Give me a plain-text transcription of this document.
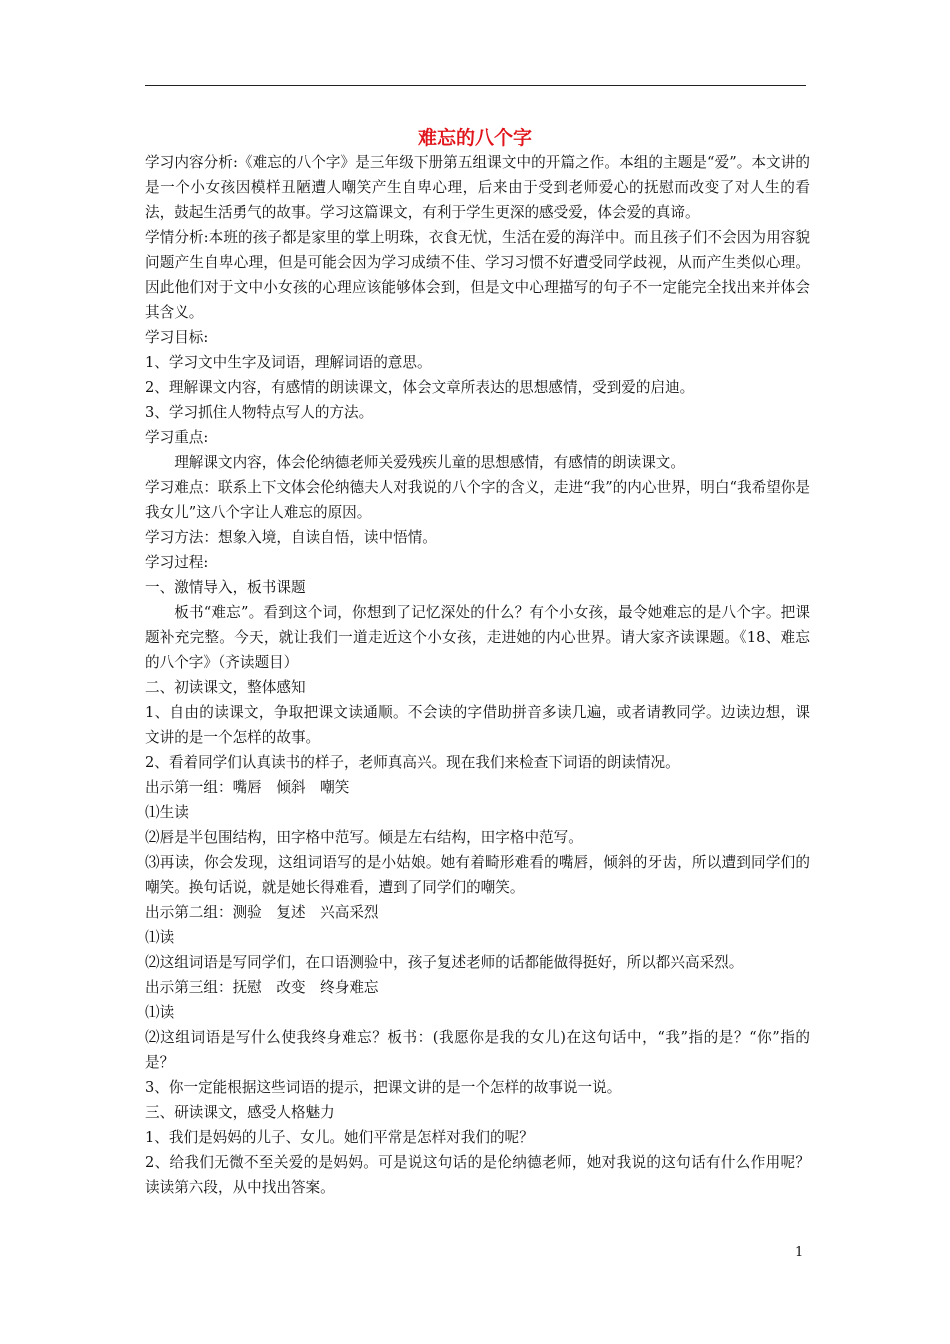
难忘的八个字

学习内容分析:《难忘的八个字》是三年级下册第五组课文中的开篇之作。本组的主题是“爱”。本文讲的是一个小女孩因模样丑陋遭人嘲笑产生自卑心理，后来由于受到老师爱心的抚慰而改变了对人生的看法，鼓起生活勇气的故事。学习这篇课文，有利于学生更深的感受爱，体会爱的真谛。

学情分析:本班的孩子都是家里的掌上明珠，衣食无忧，生活在爱的海洋中。而且孩子们不会因为用容貌问题产生自卑心理，但是可能会因为学习成绩不佳、学习习惯不好遭受同学歧视，从而产生类似心理。因此他们对于文中小女孩的心理应该能够体会到，但是文中心理描写的句子不一定能完全找出来并体会其含义。

学习目标:

1、学习文中生字及词语，理解词语的意思。

2、理解课文内容，有感情的朗读课文，体会文章所表达的思想感情，受到爱的启迪。

3、学习抓住人物特点写人的方法。

学习重点:

理解课文内容，体会伦纳德老师关爱残疾儿童的思想感情，有感情的朗读课文。

学习难点：联系上下文体会伦纳德夫人对我说的八个字的含义，走进“我”的内心世界，明白“我希望你是我女儿”这八个字让人难忘的原因。

学习方法：想象入境，自读自悟，读中悟情。

学习过程:

一、激情导入，板书课题

板书“难忘”。看到这个词，你想到了记忆深处的什么？有个小女孩，最令她难忘的是八个字。把课题补充完整。今天，就让我们一道走近这个小女孩，走进她的内心世界。请大家齐读课题。《18、难忘的八个字》（齐读题目）

二、初读课文，整体感知

1、自由的读课文，争取把课文读通顺。不会读的字借助拼音多读几遍，或者请教同学。边读边想，课文讲的是一个怎样的故事。

2、看着同学们认真读书的样子，老师真高兴。现在我们来检查下词语的朗读情况。

出示第一组：嘴唇　倾斜　嘲笑

⑴生读

⑵唇是半包围结构，田字格中范写。倾是左右结构，田字格中范写。

⑶再读，你会发现，这组词语写的是小姑娘。她有着畸形难看的嘴唇，倾斜的牙齿，所以遭到同学们的嘲笑。换句话说，就是她长得难看，遭到了同学们的嘲笑。

出示第二组：测验　复述　兴高采烈

⑴读

⑵这组词语是写同学们，在口语测验中，孩子复述老师的话都能做得挺好，所以都兴高采烈。

出示第三组：抚慰　改变　终身难忘

⑴读

⑵这组词语是写什么使我终身难忘？板书：(我愿你是我的女儿)在这句话中，“我”指的是？“你”指的是？

3、你一定能根据这些词语的提示，把课文讲的是一个怎样的故事说一说。

三、研读课文，感受人格魅力

1、我们是妈妈的儿子、女儿。她们平常是怎样对我们的呢？

2、给我们无微不至关爱的是妈妈。可是说这句话的是伦纳德老师，她对我说的这句话有什么作用呢？读读第六段，从中找出答案。

1
